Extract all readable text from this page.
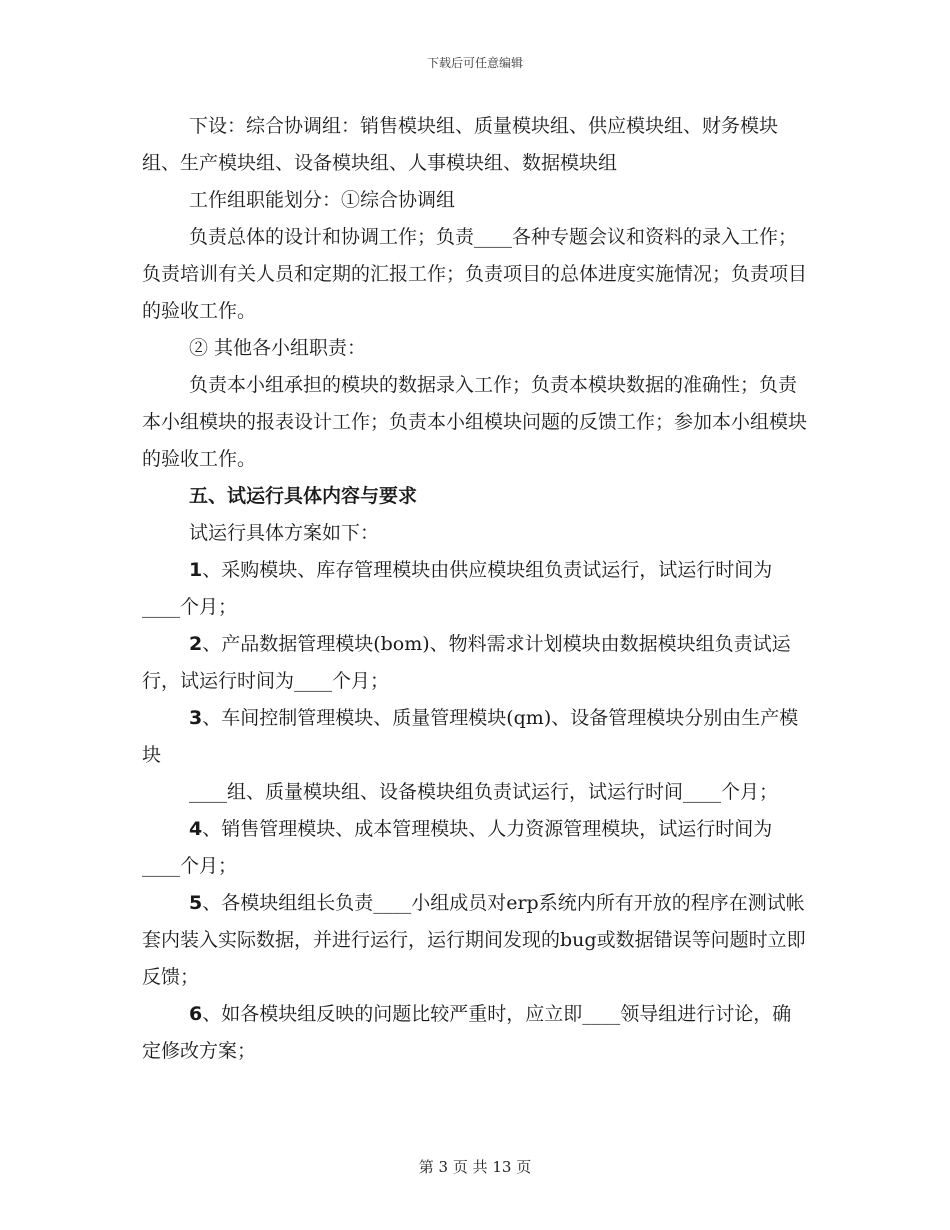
下载后可任意编辑

下设：综合协调组：销售模块组、质量模块组、供应模块组、财务模块组、生产模块组、设备模块组、人事模块组、数据模块组

工作组职能划分：①综合协调组

负责总体的设计和协调工作；负责____各种专题会议和资料的录入工作；负责培训有关人员和定期的汇报工作；负责项目的总体进度实施情况；负责项目的验收工作。

② 其他各小组职责：

负责本小组承担的模块的数据录入工作；负责本模块数据的准确性；负责本小组模块的报表设计工作；负责本小组模块问题的反馈工作；参加本小组模块的验收工作。

五、试运行具体内容与要求

试运行具体方案如下：

1、采购模块、库存管理模块由供应模块组负责试运行，试运行时间为____个月；

2、产品数据管理模块(bom)、物料需求计划模块由数据模块组负责试运行，试运行时间为____个月；

3、车间控制管理模块、质量管理模块(qm)、设备管理模块分别由生产模块

____组、质量模块组、设备模块组负责试运行，试运行时间____个月；

4、销售管理模块、成本管理模块、人力资源管理模块，试运行时间为____个月；

5、各模块组组长负责____小组成员对erp系统内所有开放的程序在测试帐套内装入实际数据，并进行运行，运行期间发现的bug或数据错误等问题时立即反馈；

6、如各模块组反映的问题比较严重时，应立即____领导组进行讨论，确定修改方案；

第 3 页 共 13 页
